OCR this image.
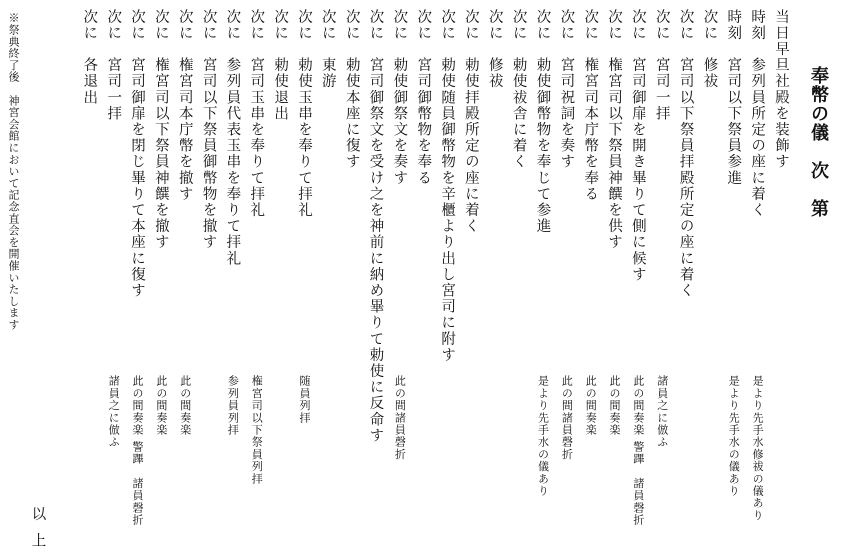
奉幣の儀　次　第
当日早旦社殿を装飾す
時刻　参列員所定の座に着く
是より先手水修祓の儀あり
時刻　宮司以下祭員参進
是より先手水の儀あり
次に　修祓
次に　宮司以下祭員拝殿所定の座に着く
次に　宮司一拝
諸員之に倣ふ
次に　宮司御扉を開き畢りて側に候す
此の間奏楽 警蹕　諸員磬折
次に　権宮司以下祭員神饌を供す
此の間奏楽
次に　権宮司本庁幣を奉る
此の間奏楽
次に　宮司祝詞を奏す
此の間諸員磬折
次に　勅使御幣物を奉じて参進
是より先手水の儀あり
次に　勅使祓舎に着く
次に　修祓
次に　勅使拝殿所定の座に着く
次に　勅使随員御幣物を辛櫃より出し宮司に附す
次に　宮司御幣物を奉る
次に　勅使御祭文を奏す
此の間諸員磬折
次に　宮司御祭文を受け之を神前に納め畢りて勅使に反命す
次に　勅使本座に復す
次に　東游
次に　勅使玉串を奉りて拝礼
随員列拝
次に　勅使退出
次に　宮司玉串を奉りて拝礼
権宮司以下祭員列拝
次に　参列員代表玉串を奉りて拝礼
参列員列拝
次に　宮司以下祭員御幣物を撤す
次に　権宮司本庁幣を撤す
此の間奏楽
次に　権宮司以下祭員神饌を撤す
此の間奏楽
次に　宮司御扉を閉じ畢りて本座に復す
此の間奏楽 警蹕　諸員磬折
次に　宮司一拝
諸員之に倣ふ
次に　各退出
以上
※祭典終了後　神宮会館において記念直会を開催いたします
